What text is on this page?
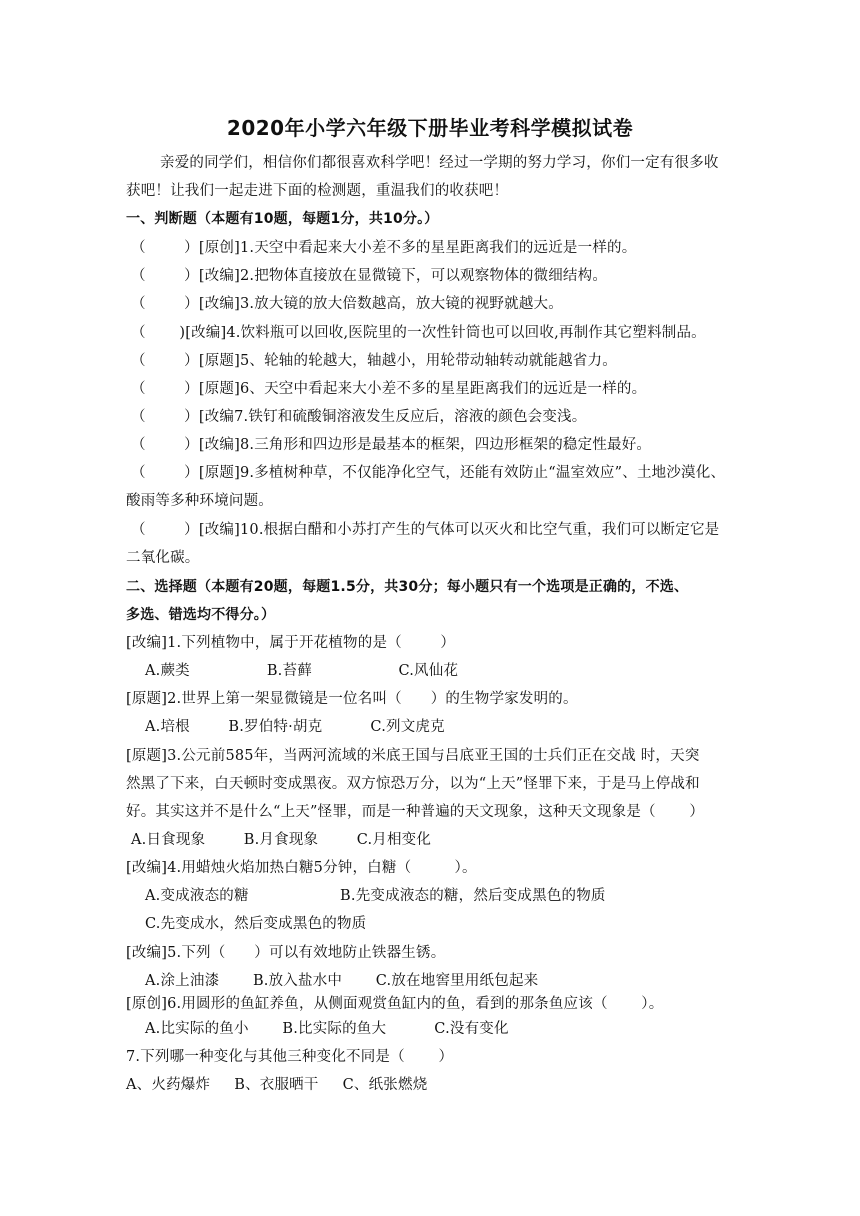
2020年小学六年级下册毕业考科学模拟试卷
亲爱的同学们，相信你们都很喜欢科学吧！经过一学期的努力学习，你们一定有很多收
获吧！让我们一起走进下面的检测题，重温我们的收获吧！
一、判断题（本题有10题，每题1分，共10分。）
（        ）[原创]1.天空中看起来大小差不多的星星距离我们的远近是一样的。
（        ）[改编]2.把物体直接放在显微镜下，可以观察物体的微细结构。
（        ）[改编]3.放大镜的放大倍数越高，放大镜的视野就越大。
（       )[改编]4.饮料瓶可以回收,医院里的一次性针筒也可以回收,再制作其它塑料制品。
（        ）[原题]5、轮轴的轮越大，轴越小，用轮带动轴转动就能越省力。
（        ）[原题]6、天空中看起来大小差不多的星星距离我们的远近是一样的。
（        ）[改编7.铁钉和硫酸铜溶液发生反应后，溶液的颜色会变浅。
（        ）[改编]8.三角形和四边形是最基本的框架，四边形框架的稳定性最好。
（        ）[原题]9.多植树种草，不仅能净化空气，还能有效防止“温室效应”、土地沙漠化、
酸雨等多种环境问题。
（        ）[改编]10.根据白醋和小苏打产生的气体可以灭火和比空气重，我们可以断定它是
二氧化碳。
二、选择题（本题有20题，每题1.5分，共30分；每小题只有一个选项是正确的，不选、
多选、错选均不得分。）
[改编]1.下列植物中，属于开花植物的是（        ）
A.蕨类                B.苔藓                  C.风仙花
[原题]2.世界上第一架显微镜是一位名叫（      ）的生物学家发明的。
A.培根        B.罗伯特·胡克          C.列文虎克
[原题]3.公元前585年，当两河流域的米底王国与吕底亚王国的士兵们正在交战 时，天突
然黑了下来，白天顿时变成黑夜。双方惊恐万分，以为“上天”怪罪下来，于是马上停战和
好。其实这并不是什么“上天”怪罪，而是一种普遍的天文现象，这种天文现象是（       ）
A.日食现象        B.月食现象        C.月相变化
[改编]4.用蜡烛火焰加热白糖5分钟，白糖（         ）。
A.变成液态的糖                   B.先变成液态的糖，然后变成黑色的物质
C.先变成水，然后变成黑色的物质
[改编]5.下列（      ）可以有效地防止铁器生锈。
A.涂上油漆       B.放入盐水中       C.放在地窖里用纸包起来
[原创]6.用圆形的鱼缸养鱼，从侧面观赏鱼缸内的鱼，看到的那条鱼应该（       ）。
A.比实际的鱼小       B.比实际的鱼大          C.没有变化
7.下列哪一种变化与其他三种变化不同是（       ）
A、火药爆炸     B、衣服晒干     C、纸张燃烧
